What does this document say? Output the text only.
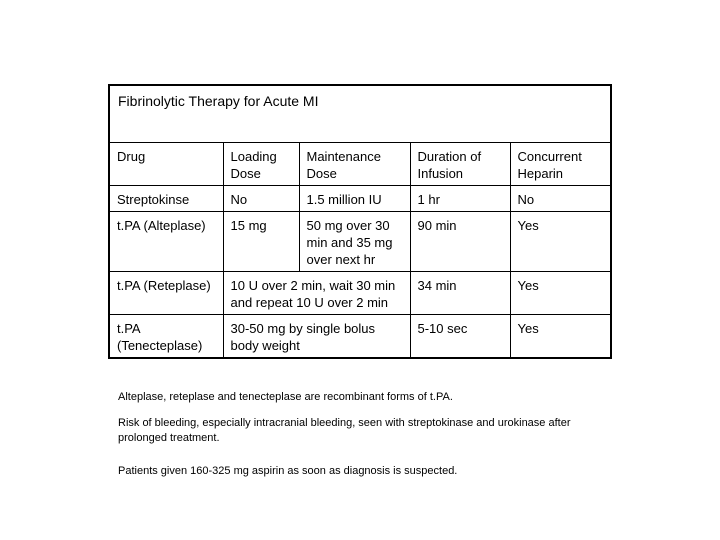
Fibrinolytic Therapy for Acute MI				
Drug	Loading Dose	Maintenance Dose	Duration of Infusion	Concurrent Heparin
Streptokinse	No	1.5 million IU	1 hr	No
t.PA (Alteplase)	15 mg	50 mg over 30 min and 35 mg over next hr	90 min	Yes
t.PA (Reteplase)	10 U over 2 min, wait 30 min and repeat 10 U over 2 min		34 min	Yes
t.PA (Tenecteplase)	30-50 mg by single bolus body weight		5-10 sec	Yes

Alteplase, reteplase and tenecteplase are recombinant forms of t.PA.

Risk of bleeding, especially intracranial bleeding, seen with streptokinase and urokinase after prolonged treatment.

Patients given 160-325 mg aspirin as soon as diagnosis is suspected.
